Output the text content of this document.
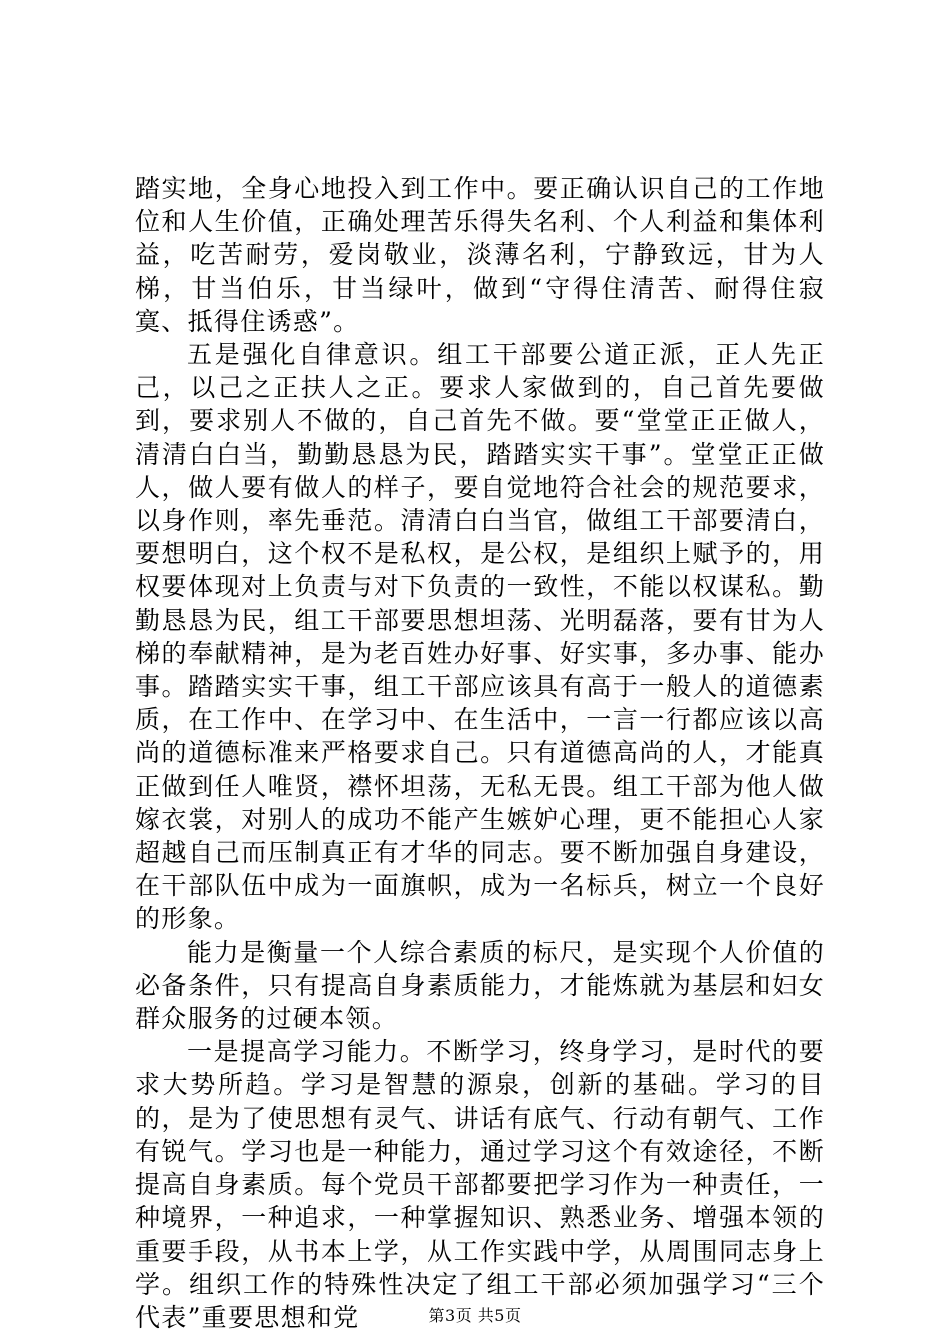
踏实地，全身心地投入到工作中。要正确认识自己的工作地位和人生价值，正确处理苦乐得失名利、个人利益和集体利益，吃苦耐劳，爱岗敬业，淡薄名利，宁静致远，甘为人梯，甘当伯乐，甘当绿叶，做到“守得住清苦、耐得住寂寞、抵得住诱惑”。

五是强化自律意识。组工干部要公道正派，正人先正己，以己之正扶人之正。要求人家做到的，自己首先要做到，要求别人不做的，自己首先不做。要“堂堂正正做人，清清白白当，勤勤恳恳为民，踏踏实实干事”。堂堂正正做人，做人要有做人的样子，要自觉地符合社会的规范要求，以身作则，率先垂范。清清白白当官，做组工干部要清白，要想明白，这个权不是私权，是公权，是组织上赋予的，用权要体现对上负责与对下负责的一致性，不能以权谋私。勤勤恳恳为民，组工干部要思想坦荡、光明磊落，要有甘为人梯的奉献精神，是为老百姓办好事、好实事，多办事、能办事。踏踏实实干事，组工干部应该具有高于一般人的道德素质，在工作中、在学习中、在生活中，一言一行都应该以高尚的道德标准来严格要求自己。只有道德高尚的人，才能真正做到任人唯贤，襟怀坦荡，无私无畏。组工干部为他人做嫁衣裳，对别人的成功不能产生嫉妒心理，更不能担心人家超越自己而压制真正有才华的同志。要不断加强自身建设，在干部队伍中成为一面旗帜，成为一名标兵，树立一个良好的形象。

能力是衡量一个人综合素质的标尺，是实现个人价值的必备条件，只有提高自身素质能力，才能炼就为基层和妇女群众服务的过硬本领。

一是提高学习能力。不断学习，终身学习，是时代的要求大势所趋。学习是智慧的源泉，创新的基础。学习的目的，是为了使思想有灵气、讲话有底气、行动有朝气、工作有锐气。学习也是一种能力，通过学习这个有效途径，不断提高自身素质。每个党员干部都要把学习作为一种责任，一种境界，一种追求，一种掌握知识、熟悉业务、增强本领的重要手段，从书本上学，从工作实践中学，从周围同志身上学。组织工作的特殊性决定了组工干部必须加强学习“三个代表”重要思想和党	第3页 共5页
